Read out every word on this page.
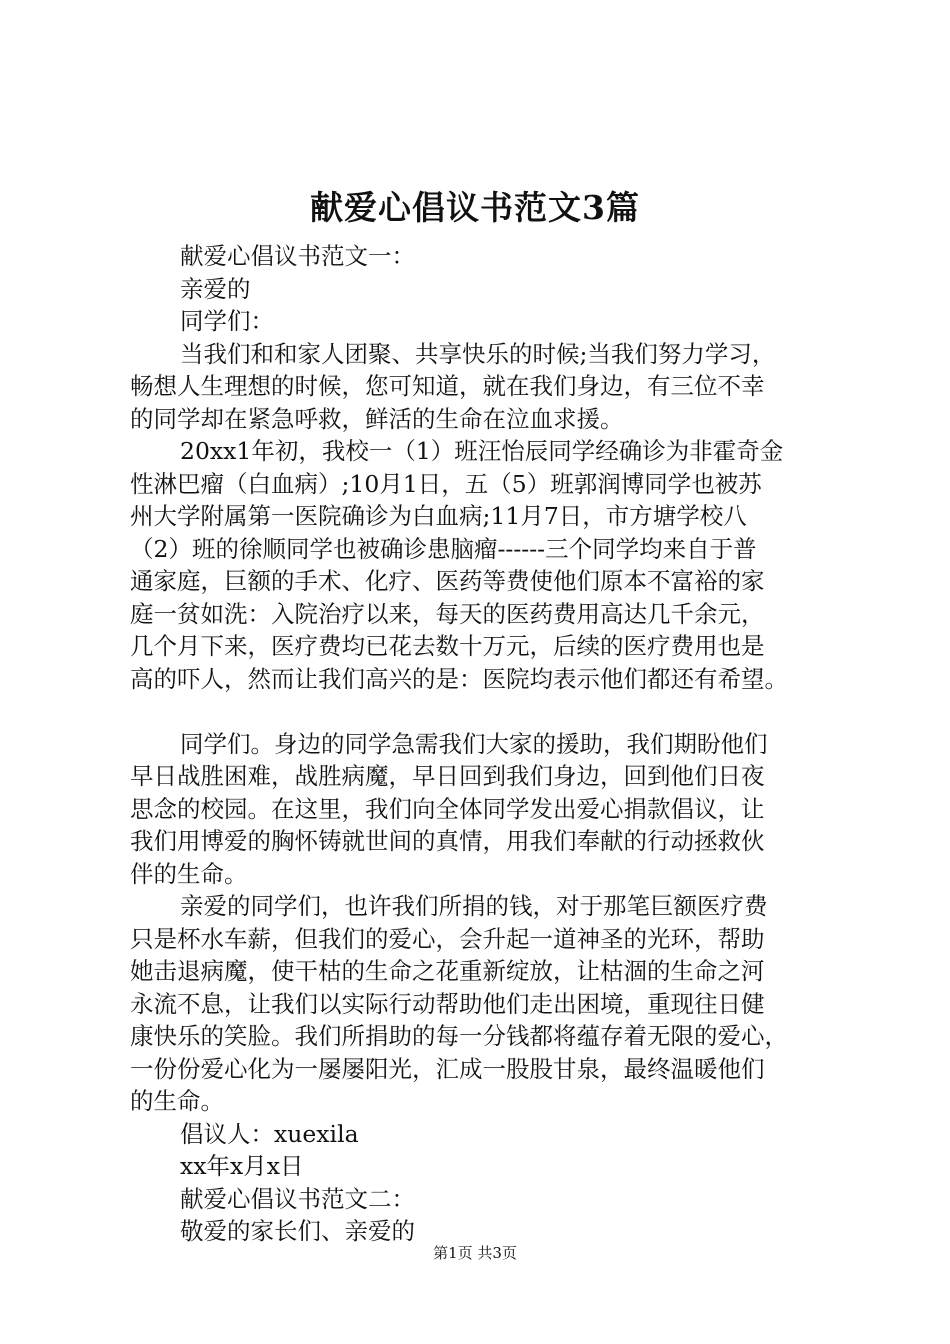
献爱心倡议书范文3篇

献爱心倡议书范文一：

亲爱的

同学们：

当我们和和家人团聚、共享快乐的时候;当我们努力学习，

畅想人生理想的时候，您可知道，就在我们身边，有三位不幸

的同学却在紧急呼救，鲜活的生命在泣血求援。

20xx1年初，我校一（1）班汪怡辰同学经确诊为非霍奇金

性淋巴瘤（白血病）;10月1日，五（5）班郭润博同学也被苏

州大学附属第一医院确诊为白血病;11月7日，市方塘学校八

（2）班的徐顺同学也被确诊患脑瘤------三个同学均来自于普

通家庭，巨额的手术、化疗、医药等费使他们原本不富裕的家

庭一贫如洗：入院治疗以来，每天的医药费用高达几千余元，

几个月下来，医疗费均已花去数十万元，后续的医疗费用也是

高的吓人，然而让我们高兴的是：医院均表示他们都还有希望。

同学们。身边的同学急需我们大家的援助，我们期盼他们

早日战胜困难，战胜病魔，早日回到我们身边，回到他们日夜

思念的校园。在这里，我们向全体同学发出爱心捐款倡议，让

我们用博爱的胸怀铸就世间的真情，用我们奉献的行动拯救伙

伴的生命。

亲爱的同学们，也许我们所捐的钱，对于那笔巨额医疗费

只是杯水车薪，但我们的爱心，会升起一道神圣的光环，帮助

她击退病魔，使干枯的生命之花重新绽放，让枯涸的生命之河

永流不息，让我们以实际行动帮助他们走出困境，重现往日健

康快乐的笑脸。我们所捐助的每一分钱都将蕴存着无限的爱心，

一份份爱心化为一屡屡阳光，汇成一股股甘泉，最终温暖他们

的生命。

倡议人：xuexila

xx年x月x日

献爱心倡议书范文二：

敬爱的家长们、亲爱的

第1页 共3页
